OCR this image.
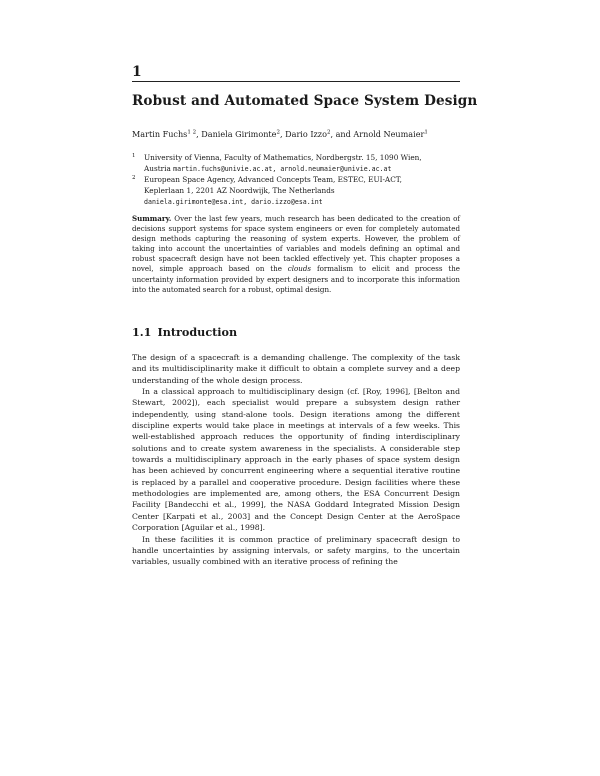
1
Robust and Automated Space System Design
Martin Fuchs$^{1 2}$, Daniela Girimonte$^2$, Dario Izzo$^2$, and Arnold Neumaier$^1$
1 University of Vienna, Faculty of Mathematics, Nordbergstr. 15, 1090 Wien,
Austria martin.fuchs@univie.ac.at, arnold.neumaier@univie.ac.at
2 European Space Agency, Advanced Concepts Team, ESTEC, EUI-ACT,
Keplerlaan 1, 2201 AZ Noordwijk, The Netherlands
daniela.girimonte@esa.int, dario.izzo@esa.int
Summary. Over the last few years, much research has been dedicated to the creation of decisions support systems for space system engineers or even for completely automated design methods capturing the reasoning of system experts. However, the problem of taking into account the uncertainties of variables and models defining an optimal and robust spacecraft design have not been tackled effectively yet. This chapter proposes a novel, simple approach based on the clouds formalism to elicit and process the uncertainty information provided by expert designers and to incorporate this information into the automated search for a robust, optimal design.
1.1 Introduction

The design of a spacecraft is a demanding challenge. The complexity of the task and its multidisciplinarity make it difficult to obtain a complete survey and a deep understanding of the whole design process.

In a classical approach to multidisciplinary design (cf. [Roy, 1996], [Belton and Stewart, 2002]), each specialist would prepare a subsystem design rather independently, using stand-alone tools. Design iterations among the different discipline experts would take place in meetings at intervals of a few weeks. This well-established approach reduces the opportunity of finding interdisciplinary solutions and to create system awareness in the specialists. A considerable step towards a multidisciplinary approach in the early phases of space system design has been achieved by concurrent engineering where a sequential iterative routine is replaced by a parallel and cooperative procedure. Design facilities where these methodologies are implemented are, among others, the ESA Concurrent Design Facility [Bandecchi et al., 1999], the NASA Goddard Integrated Mission Design Center [Karpati et al., 2003] and the Concept Design Center at the AeroSpace Corporation [Aguilar et al., 1998].

In these facilities it is common practice of preliminary spacecraft design to handle uncertainties by assigning intervals, or safety margins, to the uncertain variables, usually combined with an iterative process of refining the
